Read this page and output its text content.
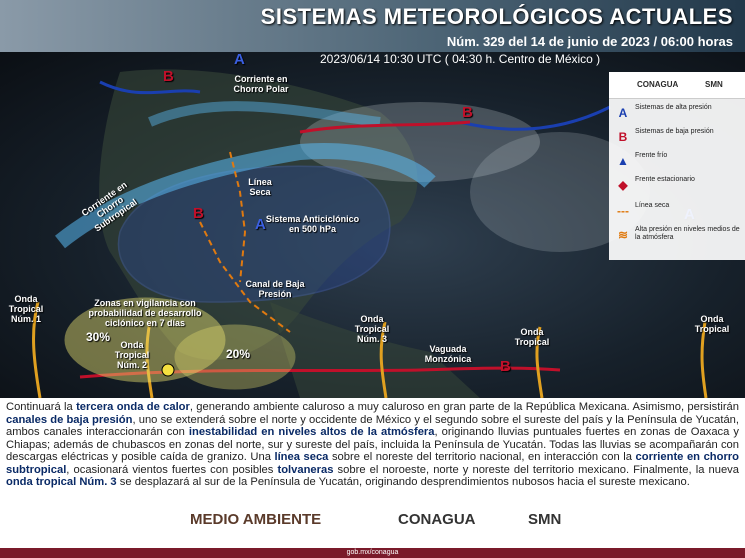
SISTEMAS METEOROLÓGICOS ACTUALES
Núm. 329 del 14 de junio de 2023 / 06:00 horas
2023/06/14 10:30 UTC ( 04:30 h. Centro de México )
Corriente en Chorro Polar
Corriente en Chorro Subtropical
Línea Seca
Sistema Anticiclónico en 500 hPa
Canal de Baja Presión
Zonas en vigilancia con probabilidad de desarrollo ciclónico en 7 días
Onda Tropical Núm. 1
Onda Tropical Núm. 2
Onda Tropical Núm. 3
Vaguada Monzónica
Onda Tropical
Onda Tropical
30%
20%
B
A
B
A
B
B
CONAGUA	SMN
A	Sistemas de alta presión
B	Sistemas de baja presión
▲ Frente frío
◆	Frente estacionario
--- Línea seca
≋ Alta presión en niveles medios de la atmósfera
Continuará la tercera onda de calor, generando ambiente caluroso a muy caluroso en gran parte de la República Mexicana. Asimismo, persistirán canales de baja presión, uno se extenderá sobre el norte y occidente de México y el segundo sobre el sureste del país y la Península de Yucatán, ambos canales interaccionarán con inestabilidad en niveles altos de la atmósfera, originando lluvias puntuales fuertes en zonas de Oaxaca y Chiapas; además de chubascos en zonas del norte, sur y sureste del país, incluida la Península de Yucatán. Todas las lluvias se acompañarán con descargas eléctricas y posible caída de granizo. Una línea seca sobre el noreste del territorio nacional, en interacción con la corriente en chorro subtropical, ocasionará vientos fuertes con posibles tolvaneras sobre el noroeste, norte y noreste del territorio mexicano. Finalmente, la nueva onda tropical Núm. 3 se desplazará al sur de la Península de Yucatán, originando desprendimientos nubosos hacia el sureste mexicano.
MEDIO AMBIENTE	CONAGUA	SMN
gob.mx/conagua
